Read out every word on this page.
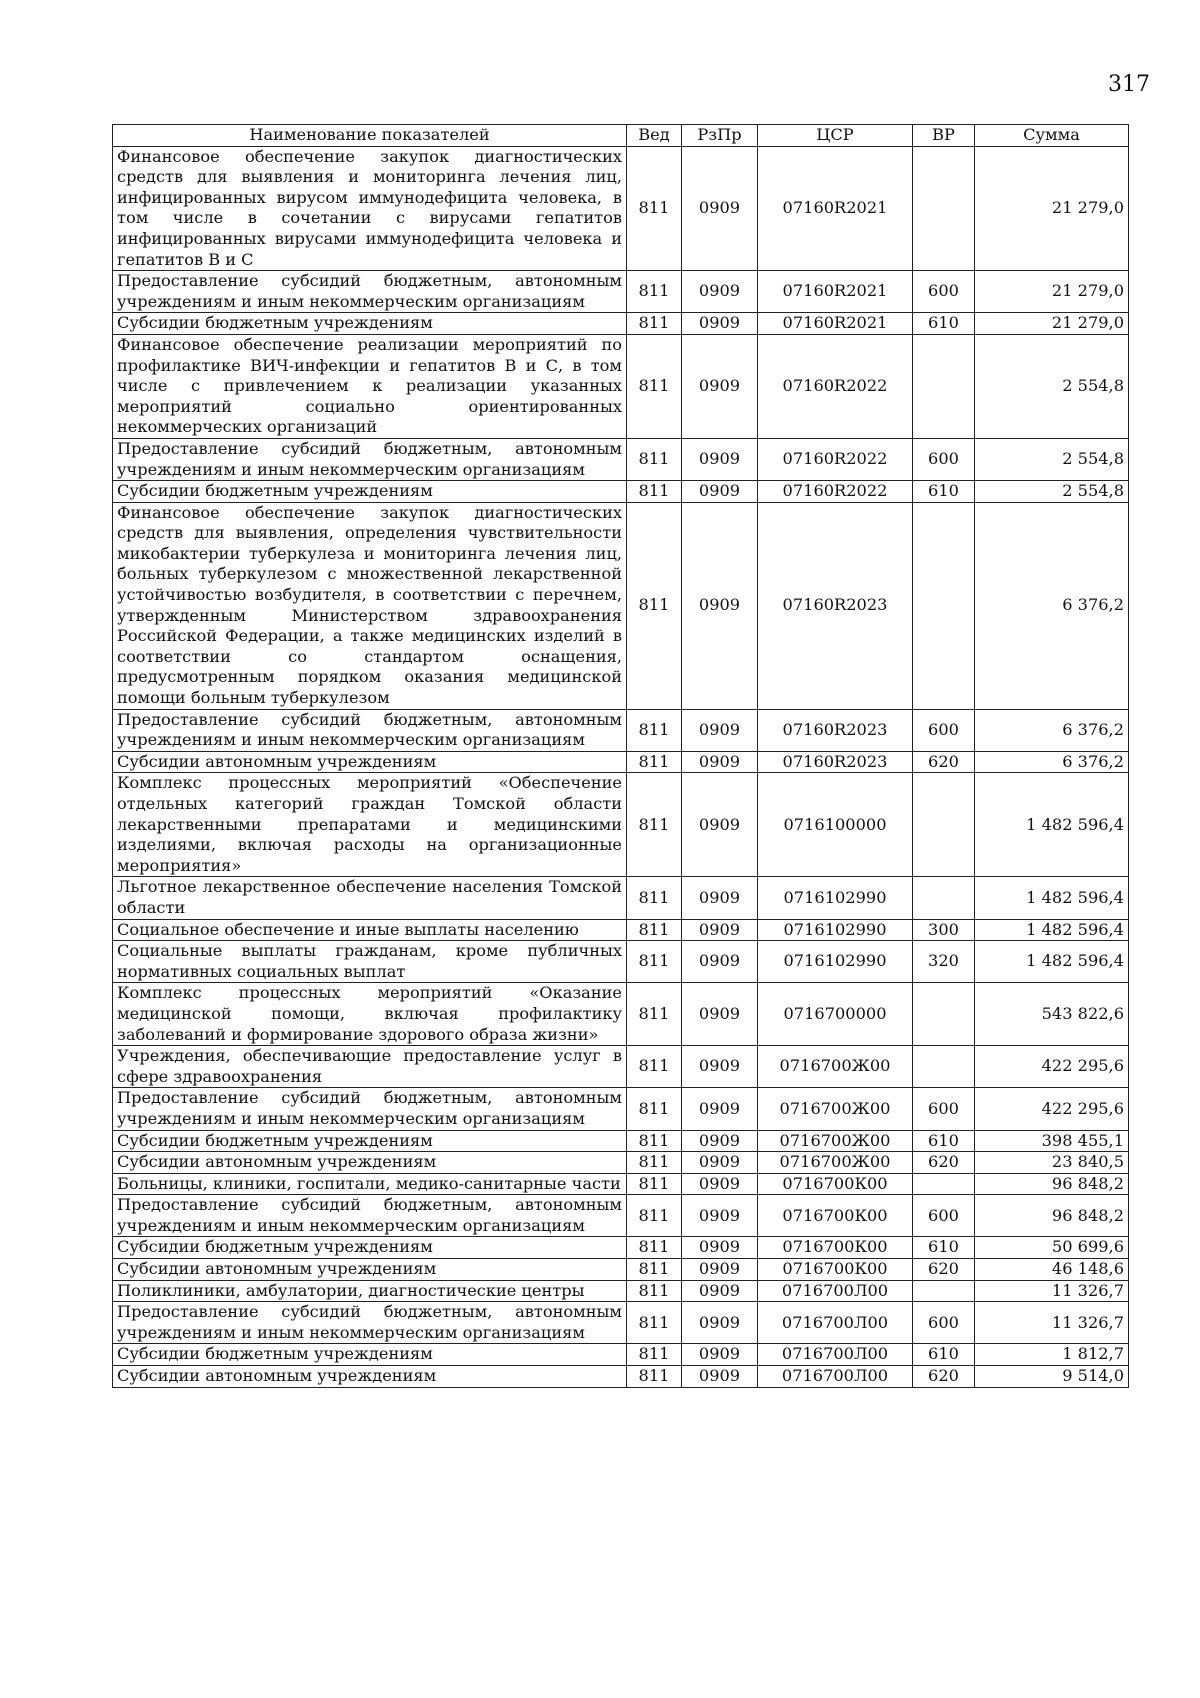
317
Наименование показателей	Вед	РзПр	ЦСР	ВР	Сумма
Финансовое обеспечение закупок диагностических средств для выявления и мониторинга лечения лиц, инфицированных вирусом иммунодефицита человека, в том числе в сочетании с вирусами гепатитов инфицированных вирусами иммунодефицита человека и гепатитов В и С	811	0909	07160R2021		21 279,0
Предоставление субсидий бюджетным, автономным учреждениям и иным некоммерческим организациям	811	0909	07160R2021	600	21 279,0
Субсидии бюджетным учреждениям	811	0909	07160R2021	610	21 279,0
Финансовое обеспечение реализации мероприятий по профилактике ВИЧ-инфекции и гепатитов В и С, в том числе с привлечением к реализации указанных мероприятий социально ориентированных некоммерческих организаций	811	0909	07160R2022		2 554,8
Предоставление субсидий бюджетным, автономным учреждениям и иным некоммерческим организациям	811	0909	07160R2022	600	2 554,8
Субсидии бюджетным учреждениям	811	0909	07160R2022	610	2 554,8
Финансовое обеспечение закупок диагностических средств для выявления, определения чувствительности микобактерии туберкулеза и мониторинга лечения лиц, больных туберкулезом с множественной лекарственной устойчивостью возбудителя, в соответствии с перечнем, утвержденным Министерством здравоохранения Российской Федерации, а также медицинских изделий в соответствии со стандартом оснащения, предусмотренным порядком оказания медицинской помощи больным туберкулезом	811	0909	07160R2023		6 376,2
Предоставление субсидий бюджетным, автономным учреждениям и иным некоммерческим организациям	811	0909	07160R2023	600	6 376,2
Субсидии автономным учреждениям	811	0909	07160R2023	620	6 376,2
Комплекс процессных мероприятий «Обеспечение отдельных категорий граждан Томской области лекарственными препаратами и медицинскими изделиями, включая расходы на организационные мероприятия»	811	0909	0716100000		1 482 596,4
Льготное лекарственное обеспечение населения Томской области	811	0909	0716102990		1 482 596,4
Социальное обеспечение и иные выплаты населению	811	0909	0716102990	300	1 482 596,4
Социальные выплаты гражданам, кроме публичных нормативных социальных выплат	811	0909	0716102990	320	1 482 596,4
Комплекс процессных мероприятий «Оказание медицинской помощи, включая профилактику заболеваний и формирование здорового образа жизни»	811	0909	0716700000		543 822,6
Учреждения, обеспечивающие предоставление услуг в сфере здравоохранения	811	0909	0716700Ж00		422 295,6
Предоставление субсидий бюджетным, автономным учреждениям и иным некоммерческим организациям	811	0909	0716700Ж00	600	422 295,6
Субсидии бюджетным учреждениям	811	0909	0716700Ж00	610	398 455,1
Субсидии автономным учреждениям	811	0909	0716700Ж00	620	23 840,5
Больницы, клиники, госпитали, медико-санитарные части	811	0909	0716700К00		96 848,2
Предоставление субсидий бюджетным, автономным учреждениям и иным некоммерческим организациям	811	0909	0716700К00	600	96 848,2
Субсидии бюджетным учреждениям	811	0909	0716700К00	610	50 699,6
Субсидии автономным учреждениям	811	0909	0716700К00	620	46 148,6
Поликлиники, амбулатории, диагностические центры	811	0909	0716700Л00		11 326,7
Предоставление субсидий бюджетным, автономным учреждениям и иным некоммерческим организациям	811	0909	0716700Л00	600	11 326,7
Субсидии бюджетным учреждениям	811	0909	0716700Л00	610	1 812,7
Субсидии автономным учреждениям	811	0909	0716700Л00	620	9 514,0
